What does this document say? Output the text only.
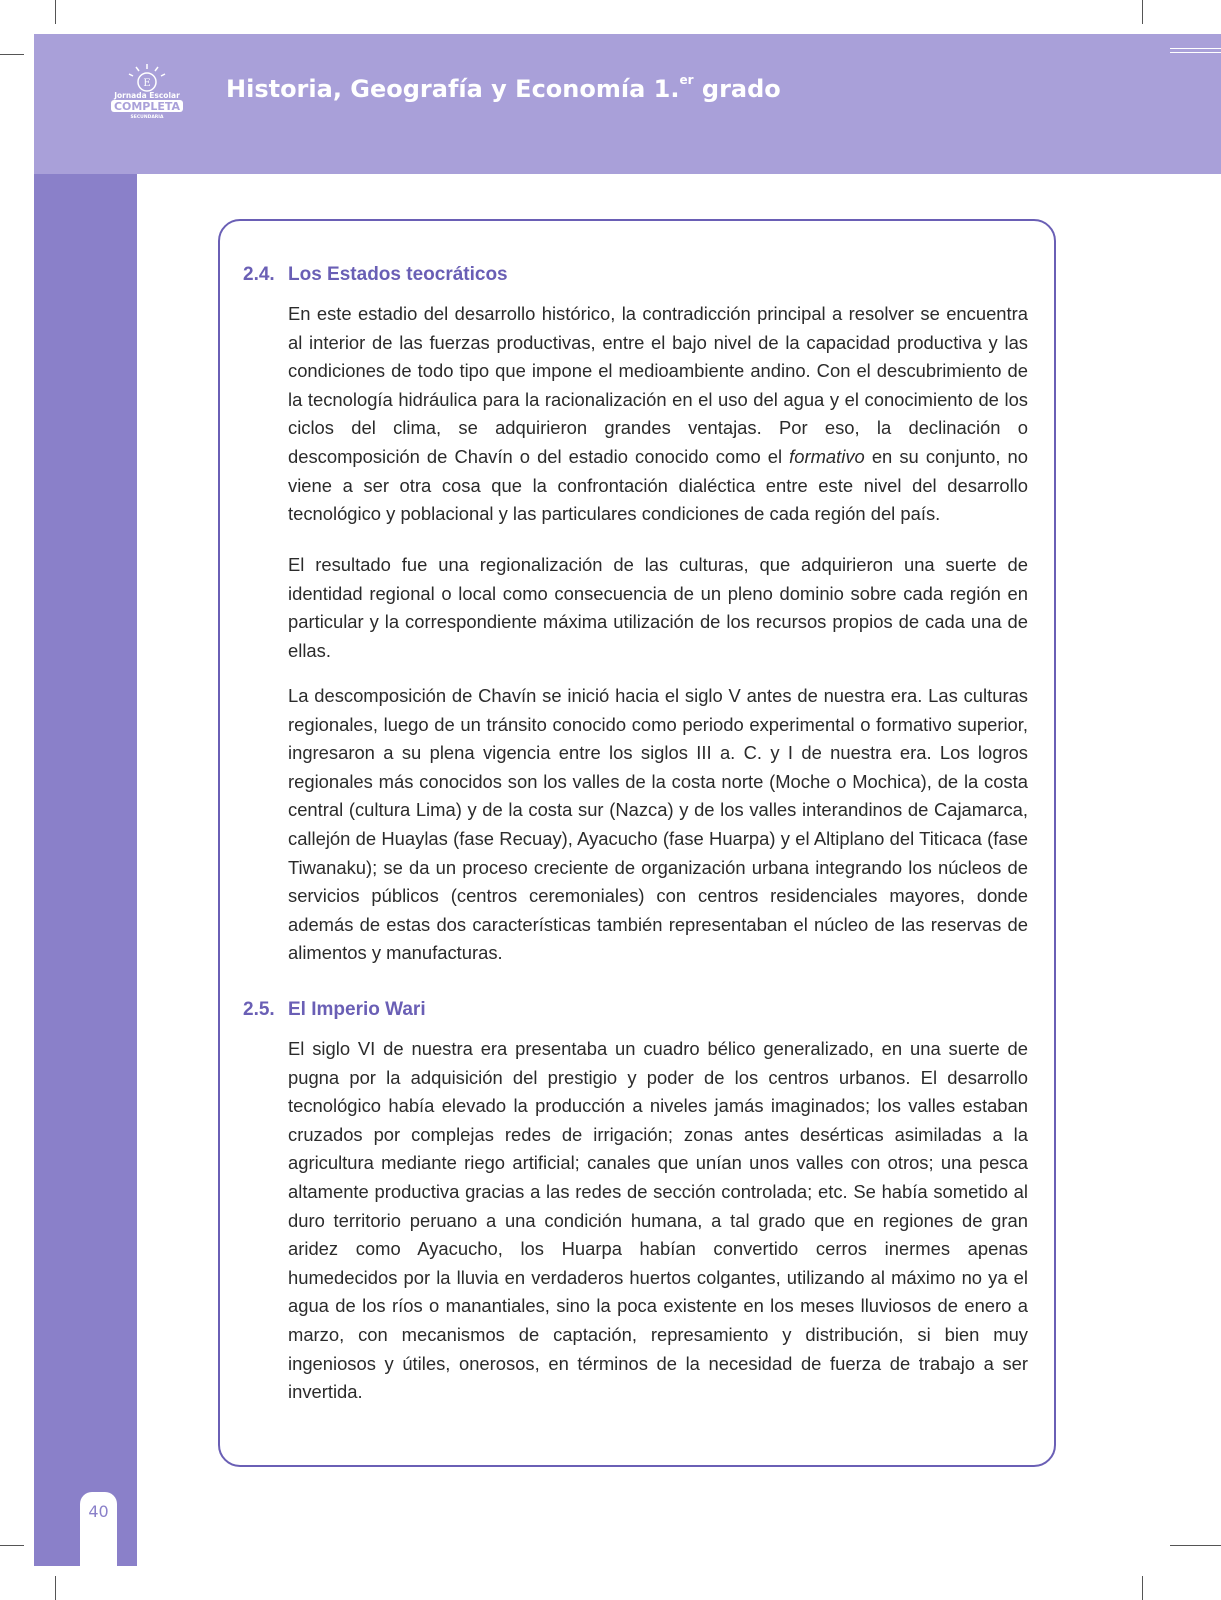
E
Jornada Escolar
COMPLETA
SECUNDARIA
Historia, Geografía y Economía 1.$^{er}$ grado
40
2.4. Los Estados teocráticos

En este estadio del desarrollo histórico, la contradicción principal a resolver se encuentra al interior de las fuerzas productivas, entre el bajo nivel de la capacidad productiva y las condiciones de todo tipo que impone el medioambiente andino. Con el descubrimiento de la tecnología hidráulica para la racionalización en el uso del agua y el conocimiento de los ciclos del clima, se adquirieron grandes ventajas. Por eso, la declinación o descomposición de Chavín o del estadio conocido como el formativo en su conjunto, no viene a ser otra cosa que la confrontación dialéctica entre este nivel del desarrollo tecnológico y poblacional y las particulares condiciones de cada región del país.

El resultado fue una regionalización de las culturas, que adquirieron una suerte de identidad regional o local como consecuencia de un pleno dominio sobre cada región en particular y la correspondiente máxima utilización de los recursos propios de cada una de ellas.

La descomposición de Chavín se inició hacia el siglo V antes de nuestra era. Las culturas regionales, luego de un tránsito conocido como periodo experimental o formativo superior, ingresaron a su plena vigencia entre los siglos III a. C. y I de nuestra era. Los logros regionales más conocidos son los valles de la costa norte (Moche o Mochica), de la costa central (cultura Lima) y de la costa sur (Nazca) y de los valles interandinos de Cajamarca, callejón de Huaylas (fase Recuay), Ayacucho (fase Huarpa) y el Altiplano del Titicaca (fase Tiwanaku); se da un proceso creciente de organización urbana integrando los núcleos de servicios públicos (centros ceremoniales) con centros residenciales mayores, donde además de estas dos características también representaban el núcleo de las reservas de alimentos y manufacturas.

2.5. El Imperio Wari

El siglo VI de nuestra era presentaba un cuadro bélico generalizado, en una suerte de pugna por la adquisición del prestigio y poder de los centros urbanos. El desarrollo tecnológico había elevado la producción a niveles jamás imaginados; los valles estaban cruzados por complejas redes de irrigación; zonas antes desérticas asimiladas a la agricultura mediante riego artificial; canales que unían unos valles con otros; una pesca altamente productiva gracias a las redes de sección controlada; etc. Se había sometido al duro territorio peruano a una condición humana, a tal grado que en regiones de gran aridez como Ayacucho, los Huarpa habían convertido cerros inermes apenas humedecidos por la lluvia en verdaderos huertos colgantes, utilizando al máximo no ya el agua de los ríos o manantiales, sino la poca existente en los meses lluviosos de enero a marzo, con mecanismos de captación, represamiento y distribución, si bien muy ingeniosos y útiles, onerosos, en términos de la necesidad de fuerza de trabajo a ser invertida.
